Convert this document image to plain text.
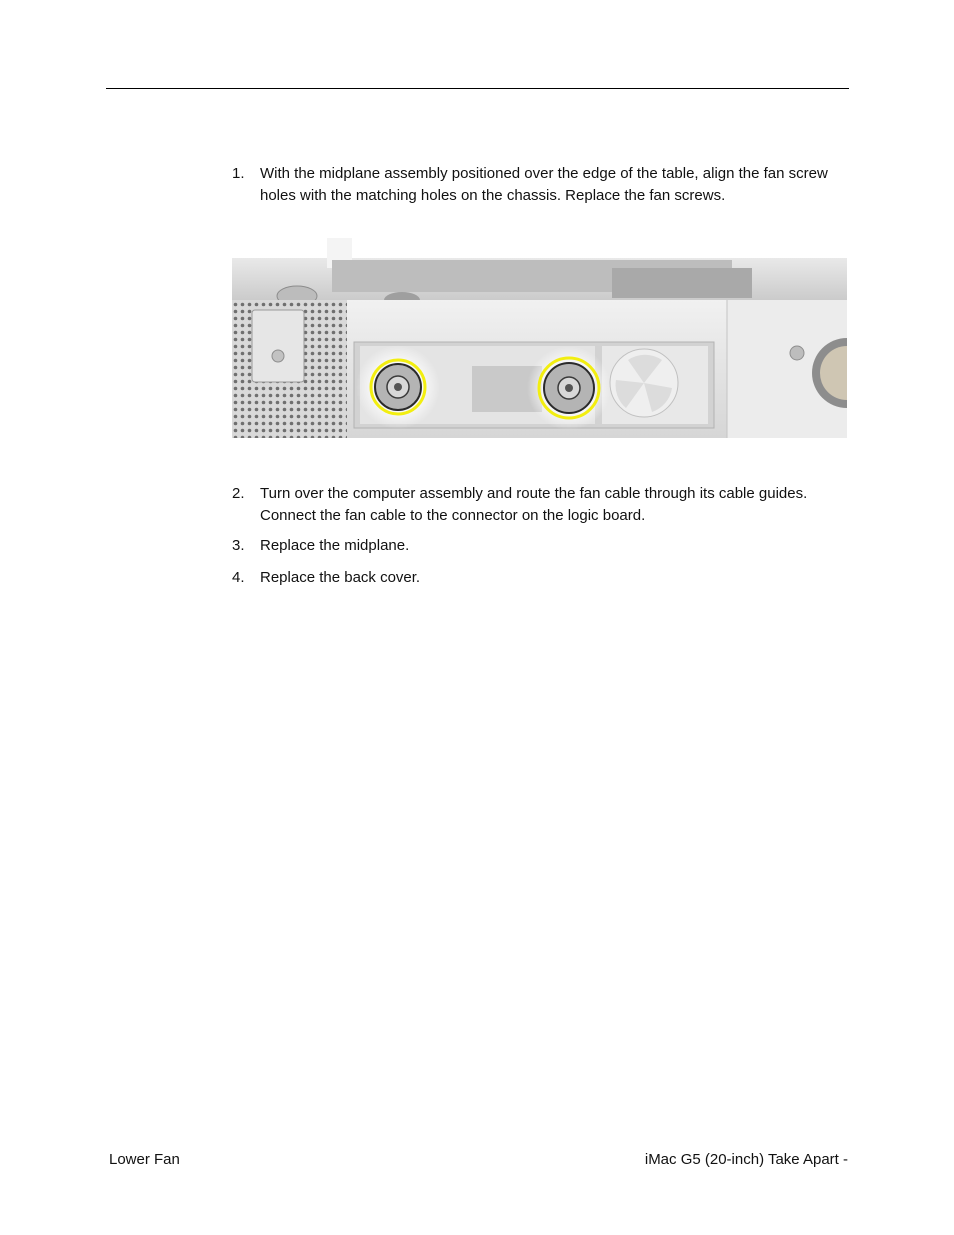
1. With the midplane assembly positioned over the edge of the table, align the fan screw holes with the matching holes on the chassis. Replace the fan screws.
2. Turn over the computer assembly and route the fan cable through its cable guides. Connect the fan cable to the connector on the logic board.
3. Replace the midplane.
4. Replace the back cover.
Lower Fan	iMac G5 (20-inch) Take Apart -
